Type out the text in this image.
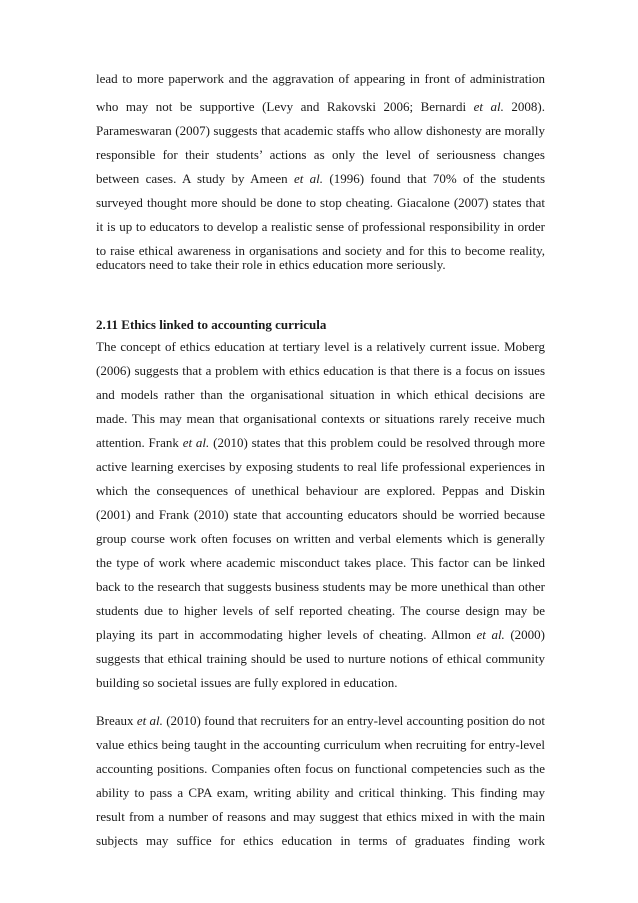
lead to more paperwork and the aggravation of appearing in front of administration
who may not be supportive (Levy and Rakovski 2006; Bernardi et al. 2008).
Parameswaran (2007) suggests that academic staffs who allow dishonesty are morally
responsible for their students’ actions as only the level of seriousness changes
between cases. A study by Ameen et al. (1996) found that 70% of the students
surveyed thought more should be done to stop cheating. Giacalone (2007) states that
it is up to educators to develop a realistic sense of professional responsibility in order
to raise ethical awareness in organisations and society and for this to become reality,
educators need to take their role in ethics education more seriously.
2.11 Ethics linked to accounting curricula
The concept of ethics education at tertiary level is a relatively current issue. Moberg
(2006) suggests that a problem with ethics education is that there is a focus on issues
and models rather than the organisational situation in which ethical decisions are
made. This may mean that organisational contexts or situations rarely receive much
attention. Frank et al. (2010) states that this problem could be resolved through more
active learning exercises by exposing students to real life professional experiences in
which the consequences of unethical behaviour are explored. Peppas and Diskin
(2001) and Frank (2010) state that accounting educators should be worried because
group course work often focuses on written and verbal elements which is generally
the type of work where academic misconduct takes place. This factor can be linked
back to the research that suggests business students may be more unethical than other
students due to higher levels of self reported cheating. The course design may be
playing its part in accommodating higher levels of cheating. Allmon et al. (2000)
suggests that ethical training should be used to nurture notions of ethical community
building so societal issues are fully explored in education.
Breaux et al. (2010) found that recruiters for an entry-level accounting position do not
value ethics being taught in the accounting curriculum when recruiting for entry-level
accounting positions. Companies often focus on functional competencies such as the
ability to pass a CPA exam, writing ability and critical thinking. This finding may
result from a number of reasons and may suggest that ethics mixed in with the main
subjects may suffice for ethics education in terms of graduates finding work
